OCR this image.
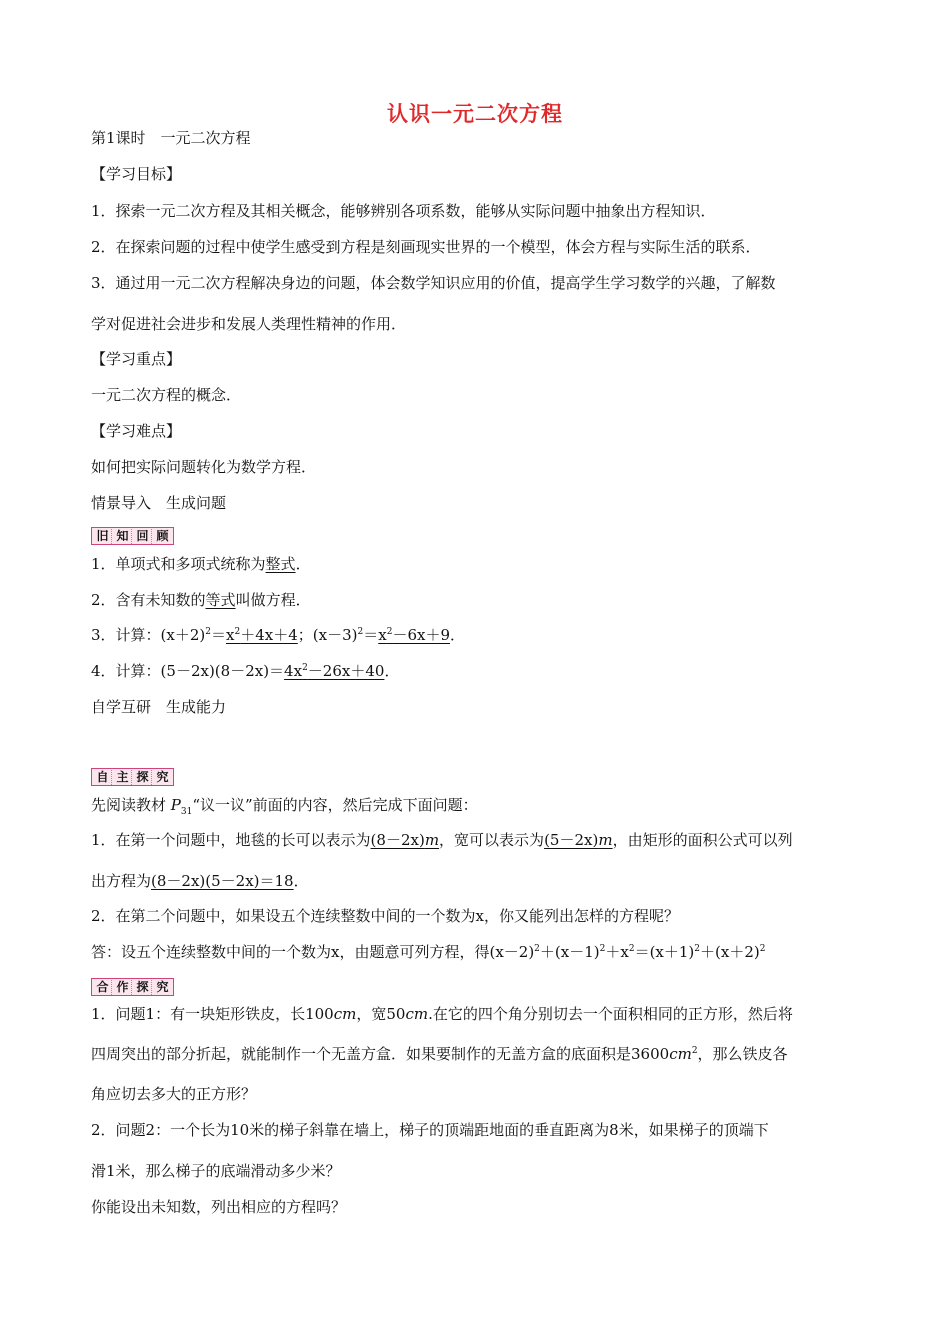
认识一元二次方程
第1课时　一元二次方程
【学习目标】
1．探索一元二次方程及其相关概念，能够辨别各项系数，能够从实际问题中抽象出方程知识．
2．在探索问题的过程中使学生感受到方程是刻画现实世界的一个模型，体会方程与实际生活的联系．
3．通过用一元二次方程解决身边的问题，体会数学知识应用的价值，提高学生学习数学的兴趣，了解数
学对促进社会进步和发展人类理性精神的作用．
【学习重点】
一元二次方程的概念．
【学习难点】
如何把实际问题转化为数学方程．
情景导入　生成问题
旧 知 回 顾
1．单项式和多项式统称为整式．
2．含有未知数的等式叫做方程．
3．计算：$(x+2)^2=x^2+4x+4$；$(x-3)^2=x^2-6x+9$．
4．计算：$(5-2x)(8-2x)=4x^2-26x+40$．
自学互研　生成能力
自 主 探 究
先阅读教材 $P_{31}“$议一议”前面的内容，然后完成下面问题：
1．在第一个问题中，地毯的长可以表示为(8－2x)m，宽可以表示为(5－2x)m，由矩形的面积公式可以列
出方程为(8－2x)(5－2x)＝18．
2．在第二个问题中，如果设五个连续整数中间的一个数为x，你又能列出怎样的方程呢？
答：设五个连续整数中间的一个数为x，由题意可列方程，得$(x-2)^2+(x-1)^2+x^2=(x+1)^2+(x+2)^2$
合 作 探 究
1．问题1：有一块矩形铁皮，长100cm，宽50cm.在它的四个角分别切去一个面积相同的正方形，然后将
四周突出的部分折起，就能制作一个无盖方盒．如果要制作的无盖方盒的底面积是$3600cm^2$，那么铁皮各
角应切去多大的正方形？
2．问题2：一个长为10米的梯子斜靠在墙上，梯子的顶端距地面的垂直距离为8米，如果梯子的顶端下
滑1米，那么梯子的底端滑动多少米？
你能设出未知数，列出相应的方程吗？
